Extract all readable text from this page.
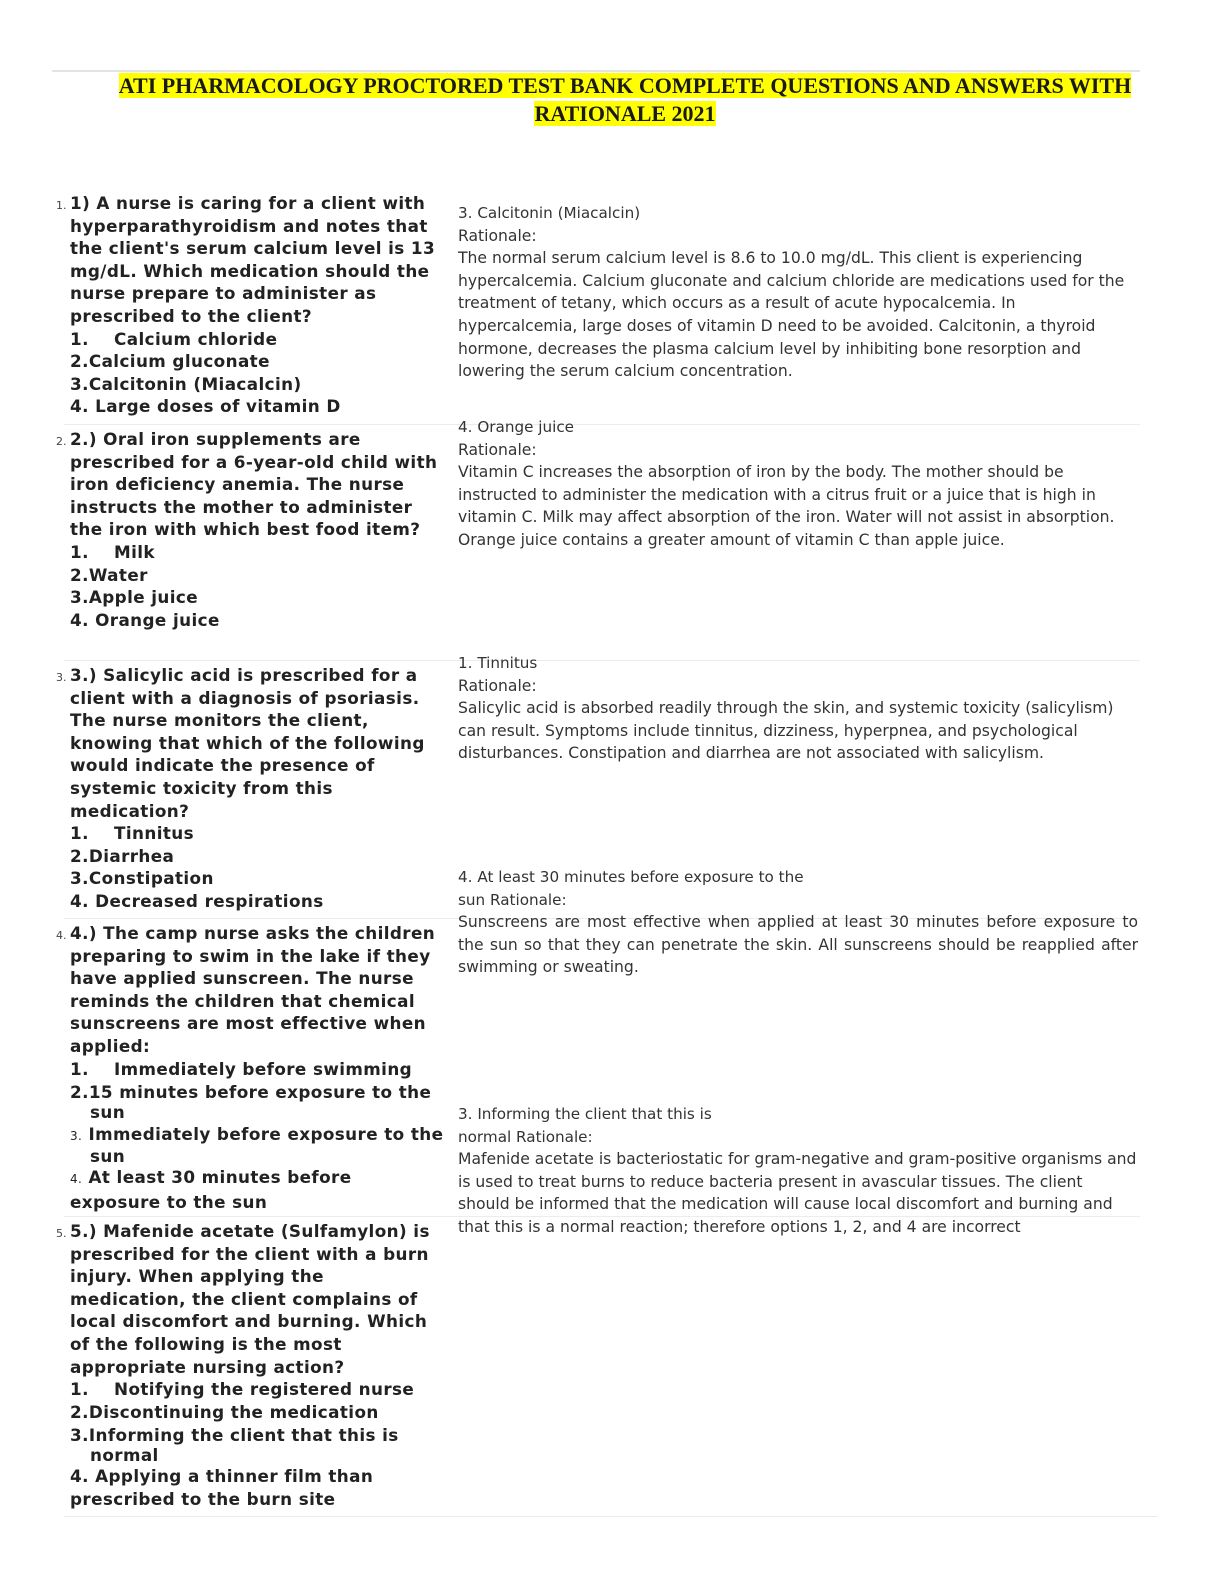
ATI PHARMACOLOGY PROCTORED TEST BANK COMPLETE QUESTIONS AND ANSWERS WITH RATIONALE 2021
1. 1) A nurse is caring for a client with hyperparathyroidism and notes that the client's serum calcium level is 13 mg/dL. Which medication should the nurse prepare to administer as prescribed to the client?
1. Calcium chloride
2.Calcium gluconate
3.Calcitonin (Miacalcin)
4. Large doses of vitamin D
3. Calcitonin (Miacalcin)
Rationale:
The normal serum calcium level is 8.6 to 10.0 mg/dL. This client is experiencing hypercalcemia. Calcium gluconate and calcium chloride are medications used for the treatment of tetany, which occurs as a result of acute hypocalcemia. In hypercalcemia, large doses of vitamin D need to be avoided. Calcitonin, a thyroid hormone, decreases the plasma calcium level by inhibiting bone resorption and lowering the serum calcium concentration.
2. 2.) Oral iron supplements are prescribed for a 6-year-old child with iron deficiency anemia. The nurse instructs the mother to administer the iron with which best food item?
1. Milk
2.Water
3.Apple juice
4. Orange juice
4. Orange juice
Rationale:
Vitamin C increases the absorption of iron by the body. The mother should be instructed to administer the medication with a citrus fruit or a juice that is high in vitamin C. Milk may affect absorption of the iron. Water will not assist in absorption. Orange juice contains a greater amount of vitamin C than apple juice.
3. 3.) Salicylic acid is prescribed for a client with a diagnosis of psoriasis. The nurse monitors the client, knowing that which of the following would indicate the presence of systemic toxicity from this medication?
1. Tinnitus
2.Diarrhea
3.Constipation
4. Decreased respirations
1. Tinnitus
Rationale:
Salicylic acid is absorbed readily through the skin, and systemic toxicity (salicylism) can result. Symptoms include tinnitus, dizziness, hyperpnea, and psychological disturbances. Constipation and diarrhea are not associated with salicylism.
4. 4.) The camp nurse asks the children preparing to swim in the lake if they have applied sunscreen. The nurse reminds the children that chemical sunscreens are most effective when applied:
1. Immediately before swimming
2.15 minutes before exposure to the sun
3. Immediately before exposure to the sun
4. At least 30 minutes before exposure to the sun
4. At least 30 minutes before exposure to the
sun Rationale:
Sunscreens are most effective when applied at least 30 minutes before exposure to the sun so that they can penetrate the skin. All sunscreens should be reapplied after swimming or sweating.
5. 5.) Mafenide acetate (Sulfamylon) is prescribed for the client with a burn injury. When applying the medication, the client complains of local discomfort and burning. Which of the following is the most appropriate nursing action?
1. Notifying the registered nurse
2.Discontinuing the medication
3.Informing the client that this is normal
4. Applying a thinner film than prescribed to the burn site
3. Informing the client that this is
normal Rationale:
Mafenide acetate is bacteriostatic for gram-negative and gram-positive organisms and is used to treat burns to reduce bacteria present in avascular tissues. The client should be informed that the medication will cause local discomfort and burning and that this is a normal reaction; therefore options 1, 2, and 4 are incorrect
